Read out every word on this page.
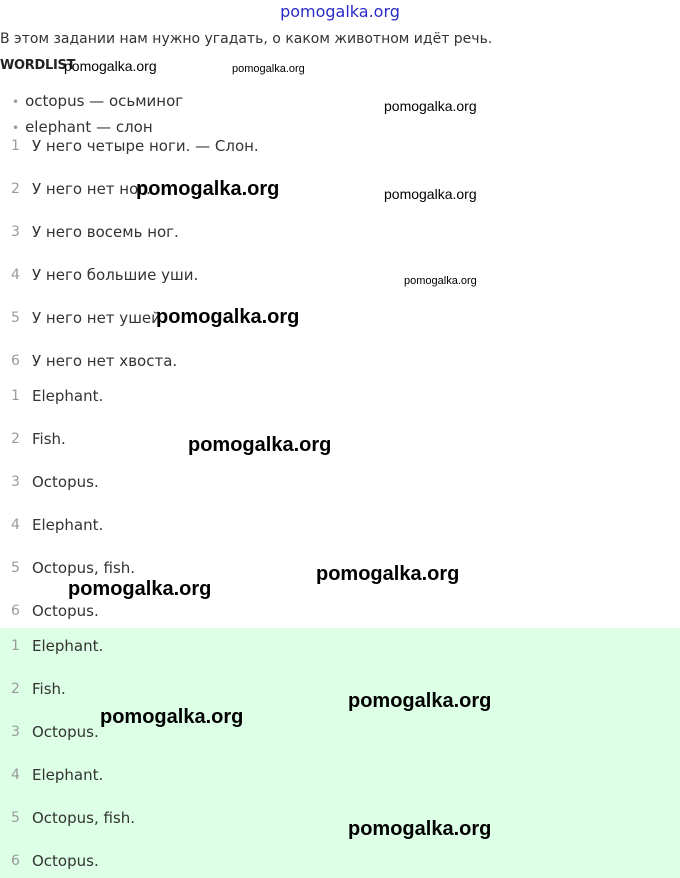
pomogalka.org
В этом задании нам нужно угадать, о каком животном идёт речь.
WORDLIST
• octopus — осьминог
• elephant — слон
1 У него четыре ноги. — Слон.
2 У него нет ног.
3 У него восемь ног.
4 У него большие уши.
5 У него нет ушей.
6 У него нет хвоста.
1 Elephant.
2 Fish.
3 Octopus.
4 Elephant.
5 Octopus, fish.
6 Octopus.
1 Elephant.
2 Fish.
3 Octopus.
4 Elephant.
5 Octopus, fish.
6 Octopus.
pomogalka.org	pomogalka.org
pomogalka.org
pomogalka.org	pomogalka.org
pomogalka.org
pomogalka.org
pomogalka.org
pomogalka.org
pomogalka.org
pomogalka.org
pomogalka.org
pomogalka.org
